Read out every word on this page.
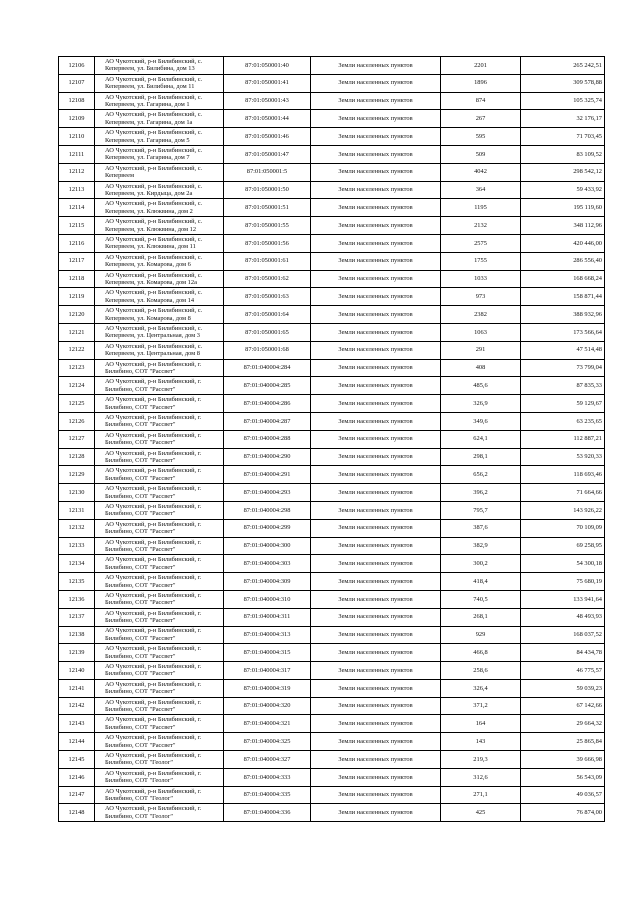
12106	АО Чукотский, р-н Билибинский, с. Кепервеем, ул. Билибина, дом 13	87:01:050001:40	Земли населенных пунктов	2201	265 242,51
12107	АО Чукотский, р-н Билибинский, с. Кепервеем, ул. Билибина, дом 11	87:01:050001:41	Земли населенных пунктов	1896	309 578,88
12108	АО Чукотский, р-н Билибинский, с. Кепервеем, ул. Гагарина, дом 1	87:01:050001:43	Земли населенных пунктов	874	105 325,74
12109	АО Чукотский, р-н Билибинский, с. Кепервеем, ул. Гагарина, дом 1а	87:01:050001:44	Земли населенных пунктов	267	32 176,17
12110	АО Чукотский, р-н Билибинский, с. Кепервеем, ул. Гагарина, дом 5	87:01:050001:46	Земли населенных пунктов	595	71 703,45
12111	АО Чукотский, р-н Билибинский, с. Кепервеем, ул. Гагарина, дом 7	87:01:050001:47	Земли населенных пунктов	509	83 109,52
12112	АО Чукотский, р-н Билибинский, с. Кепервеем	87:01:050001:5	Земли населенных пунктов	4042	298 542,12
12113	АО Чукотский, р-н Билибинский, с. Кепервеем, ул. Кирдыца, дом 2а	87:01:050001:50	Земли населенных пунктов	364	59 433,92
12114	АО Чукотский, р-н Билибинский, с. Кепервеем, ул. Клюквина, дом 2	87:01:050001:51	Земли населенных пунктов	1195	195 119,60
12115	АО Чукотский, р-н Билибинский, с. Кепервеем, ул. Клюквина, дом 12	87:01:050001:55	Земли населенных пунктов	2132	348 112,96
12116	АО Чукотский, р-н Билибинский, с. Кепервеем, ул. Клюквина, дом 11	87:01:050001:56	Земли населенных пунктов	2575	420 446,00
12117	АО Чукотский, р-н Билибинский, с. Кепервеем, ул. Комарова, дом 6	87:01:050001:61	Земли населенных пунктов	1755	286 556,40
12118	АО Чукотский, р-н Билибинский, с. Кепервеем, ул. Комарова, дом 12а	87:01:050001:62	Земли населенных пунктов	1033	168 668,24
12119	АО Чукотский, р-н Билибинский, с. Кепервеем, ул. Комарова, дом 14	87:01:050001:63	Земли населенных пунктов	973	158 871,44
12120	АО Чукотский, р-н Билибинский, с. Кепервеем, ул. Комарова, дом 8	87:01:050001:64	Земли населенных пунктов	2382	388 932,96
12121	АО Чукотский, р-н Билибинский, с. Кепервеем, ул. Центральная, дом 3	87:01:050001:65	Земли населенных пунктов	1063	173 566,64
12122	АО Чукотский, р-н Билибинский, с. Кепервеем, ул. Центральная, дом 8	87:01:050001:68	Земли населенных пунктов	291	47 514,48
12123	АО Чукотский, р-н Билибинский, г. Билибино, СОТ "Рассвет"	87:01:040004:284	Земли населенных пунктов	408	73 799,04
12124	АО Чукотский, р-н Билибинский, г. Билибино, СОТ "Рассвет"	87:01:040004:285	Земли населенных пунктов	485,6	87 835,33
12125	АО Чукотский, р-н Билибинский, г. Билибино, СОТ "Рассвет"	87:01:040004:286	Земли населенных пунктов	326,9	59 129,67
12126	АО Чукотский, р-н Билибинский, г. Билибино, СОТ "Рассвет"	87:01:040004:287	Земли населенных пунктов	349,6	63 235,65
12127	АО Чукотский, р-н Билибинский, г. Билибино, СОТ "Рассвет"	87:01:040004:288	Земли населенных пунктов	624,1	112 887,21
12128	АО Чукотский, р-н Билибинский, г. Билибино, СОТ "Рассвет"	87:01:040004:290	Земли населенных пунктов	298,1	53 920,33
12129	АО Чукотский, р-н Билибинский, г. Билибино, СОТ "Рассвет"	87:01:040004:291	Земли населенных пунктов	656,2	118 693,46
12130	АО Чукотский, р-н Билибинский, г. Билибино, СОТ "Рассвет"	87:01:040004:293	Земли населенных пунктов	396,2	71 664,66
12131	АО Чукотский, р-н Билибинский, г. Билибино, СОТ "Рассвет"	87:01:040004:298	Земли населенных пунктов	795,7	143 926,22
12132	АО Чукотский, р-н Билибинский, г. Билибино, СОТ "Рассвет"	87:01:040004:299	Земли населенных пунктов	387,6	70 109,09
12133	АО Чукотский, р-н Билибинский, г. Билибино, СОТ "Рассвет"	87:01:040004:300	Земли населенных пунктов	382,9	69 258,95
12134	АО Чукотский, р-н Билибинский, г. Билибино, СОТ "Рассвет"	87:01:040004:303	Земли населенных пунктов	300,2	54 300,18
12135	АО Чукотский, р-н Билибинский, г. Билибино, СОТ "Рассвет"	87:01:040004:309	Земли населенных пунктов	418,4	75 680,19
12136	АО Чукотский, р-н Билибинский, г. Билибино, СОТ "Рассвет"	87:01:040004:310	Земли населенных пунктов	740,5	133 941,64
12137	АО Чукотский, р-н Билибинский, г. Билибино, СОТ "Рассвет"	87:01:040004:311	Земли населенных пунктов	268,1	48 493,93
12138	АО Чукотский, р-н Билибинский, г. Билибино, СОТ "Рассвет"	87:01:040004:313	Земли населенных пунктов	929	168 037,52
12139	АО Чукотский, р-н Билибинский, г. Билибино, СОТ "Рассвет"	87:01:040004:315	Земли населенных пунктов	466,8	84 434,78
12140	АО Чукотский, р-н Билибинский, г. Билибино, СОТ "Рассвет"	87:01:040004:317	Земли населенных пунктов	258,6	46 775,57
12141	АО Чукотский, р-н Билибинский, г. Билибино, СОТ "Рассвет"	87:01:040004:319	Земли населенных пунктов	326,4	59 039,23
12142	АО Чукотский, р-н Билибинский, г. Билибино, СОТ "Рассвет"	87:01:040004:320	Земли населенных пунктов	371,2	67 142,66
12143	АО Чукотский, р-н Билибинский, г. Билибино, СОТ "Рассвет"	87:01:040004:321	Земли населенных пунктов	164	29 664,32
12144	АО Чукотский, р-н Билибинский, г. Билибино, СОТ "Рассвет"	87:01:040004:325	Земли населенных пунктов	143	25 865,84
12145	АО Чукотский, р-н Билибинский, г. Билибино, СОТ "Геолог"	87:01:040004:327	Земли населенных пунктов	219,3	39 666,98
12146	АО Чукотский, р-н Билибинский, г. Билибино, СОТ "Геолог"	87:01:040004:333	Земли населенных пунктов	312,6	56 543,09
12147	АО Чукотский, р-н Билибинский, г. Билибино, СОТ "Геолог"	87:01:040004:335	Земли населенных пунктов	271,1	49 036,57
12148	АО Чукотский, р-н Билибинский, г. Билибино, СОТ "Геолог"	87:01:040004:336	Земли населенных пунктов	425	76 874,00
